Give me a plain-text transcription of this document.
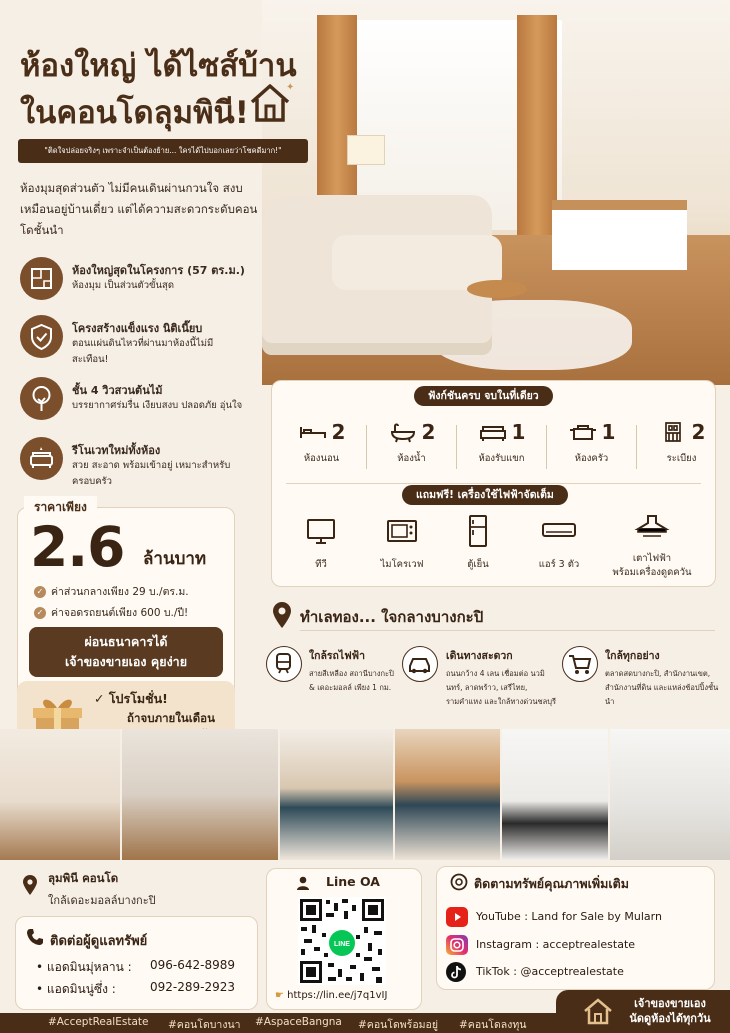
ห้องใหญ่ ได้ไซส์บ้าน
ในคอนโดลุมพินี!
✦
"ติดใจปล่อยจริงๆ เพราะจำเป็นต้องย้าย... ใครได้ไปบอกเลยว่าโชคดีมาก!"
ห้องมุมสุดส่วนตัว ไม่มีคนเดินผ่านกวนใจ สงบเหมือนอยู่บ้านเดี่ยว แต่ได้ความสะดวกระดับคอนโดชั้นนำ
ห้องใหญ่สุดในโครงการ (57 ตร.ม.)
ห้องมุม เป็นส่วนตัวขั้นสุด
โครงสร้างแข็งแรง นิติเนี๊ยบ
ตอนแผ่นดินไหวที่ผ่านมาห้องนี้ไม่มีสะเทือน!
ชั้น 4 วิวสวนต้นไม้
บรรยากาศร่มรื่น เงียบสงบ ปลอดภัย อุ่นใจ
รีโนเวทใหม่ทั้งห้อง
สวย สะอาด พร้อมเข้าอยู่ เหมาะสำหรับครอบครัว
ราคาเพียง
2.6 ล้านบาท
✓ ค่าส่วนกลางเพียง 29 บ./ตร.ม.
✓ ค่าจอดรถยนต์เพียง 600 บ./ปี!
ผ่อนธนาคารได้
เจ้าของขายเอง คุยง่าย
✓ โปรโมชั่น!
ถ้าจบภายในเดือน
ฟังก์ชันครบ จบในที่เดียว
2
ห้องนอน
2
ห้องน้ำ
1
ห้องรับแขก
1
ห้องครัว
2
ระเบียง
แถมฟรี! เครื่องใช้ไฟฟ้าจัดเต็ม
ทีวี	ไมโครเวฟ	ตู้เย็น	แอร์ 3 ตัว
เตาไฟฟ้า
พร้อมเครื่องดูดควัน
ทำเลทอง... ใจกลางบางกะปิ
ใกล้รถไฟฟ้า
สายสีเหลือง สถานีบางกะปิ & เดอะมอลล์ เพียง 1 กม.
เดินทางสะดวก
ถนนกว้าง 4 เลน เชื่อมต่อ นวมินทร์, ลาดพร้าว, เสรีไทย, รามคำแหง และใกล้ทางด่วนชลบุรี
ใกล้ทุกอย่าง
ตลาดสดบางกะปิ, สำนักงานเขต, สำนักงานที่ดิน และแหล่งช้อปปิ้งชั้นนำ
ลุมพินี คอนโด
ใกล้เดอะมอลล์บางกะปิ
ติดต่อผู้ดูแลทรัพย์
• แอดมินมุ่หลาน : 096-642-8989
• แอดมินนู่ซึ่ง :	092-289-2923
Line OA
LINE
☛ https://lin.ee/j7q1vIJ
ติดตามทรัพย์คุณภาพเพิ่มเติม
YouTube : Land for Sale by Mularn
Instagram : acceptrealestate
TikTok : @acceptrealestate
#AcceptRealEstate #คอนโดบางนา #AspaceBangna #คอนโดพร้อมอยู่ #คอนโดลงทุน
เจ้าของขายเอง
นัดดูห้องได้ทุกวัน
